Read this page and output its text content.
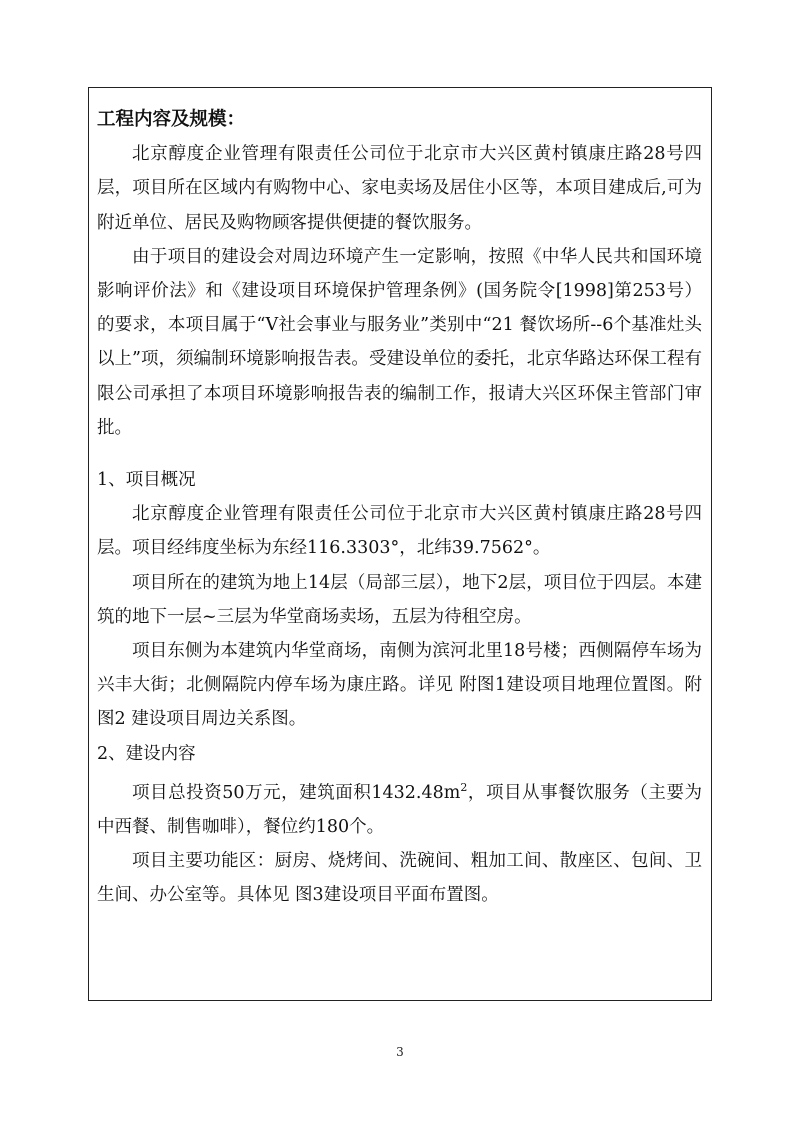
工程内容及规模：

北京醇度企业管理有限责任公司位于北京市大兴区黄村镇康庄路28号四层，项目所在区域内有购物中心、家电卖场及居住小区等，本项目建成后,可为附近单位、居民及购物顾客提供便捷的餐饮服务。

由于项目的建设会对周边环境产生一定影响，按照《中华人民共和国环境影响评价法》和《建设项目环境保护管理条例》(国务院令[1998]第253号）的要求，本项目属于“V社会事业与服务业”类别中“21 餐饮场所--6个基准灶头以上”项，须编制环境影响报告表。受建设单位的委托，北京华路达环保工程有限公司承担了本项目环境影响报告表的编制工作，报请大兴区环保主管部门审批。

1、项目概况

北京醇度企业管理有限责任公司位于北京市大兴区黄村镇康庄路28号四层。项目经纬度坐标为东经116.3303°，北纬39.7562°。

项目所在的建筑为地上14层（局部三层），地下2层，项目位于四层。本建筑的地下一层~三层为华堂商场卖场，五层为待租空房。

项目东侧为本建筑内华堂商场，南侧为滨河北里18号楼；西侧隔停车场为兴丰大街；北侧隔院内停车场为康庄路。详见 附图1建设项目地理位置图。附图2 建设项目周边关系图。

2、建设内容

项目总投资50万元，建筑面积$1432.48m^2$，项目从事餐饮服务（主要为中西餐、制售咖啡），餐位约180个。

项目主要功能区：厨房、烧烤间、洗碗间、粗加工间、散座区、包间、卫生间、办公室等。具体见 图3建设项目平面布置图。

3
